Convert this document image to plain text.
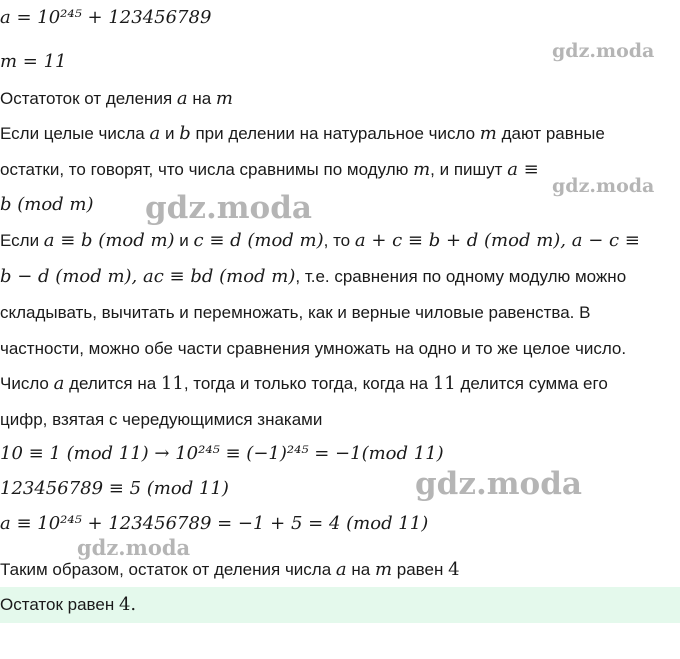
a = 10²⁴⁵ + 123456789
m = 11
Остатоток от деления a на m
Если целые числа a и b при делении на натуральное число m дают равные
остатки, то говорят, что числа сравнимы по модулю m, и пишут a ≡
b (mod m)
Если a ≡ b (mod m) и c ≡ d (mod m), то a + c ≡ b + d (mod m), a − c ≡
b − d (mod m), ac ≡ bd (mod m), т.е. сравнения по одному модулю можно
складывать, вычитать и перемножать, как и верные чиловые равенства. В
частности, можно обе части сравнения умножать на одно и то же целое число.
Число a делится на 11, тогда и только тогда, когда на 11 делится сумма его
цифр, взятая с чередующимися знаками
10 ≡ 1 (mod 11) → 10²⁴⁵ ≡ (−1)²⁴⁵ = −1(mod 11)
123456789 ≡ 5 (mod 11)
a ≡ 10²⁴⁵ + 123456789 = −1 + 5 = 4 (mod 11)
Таким образом, остаток от деления числа a на m равен 4
Остаток равен 4.
gdz.moda
gdz.moda
gdz.moda
gdz.moda
gdz.moda
